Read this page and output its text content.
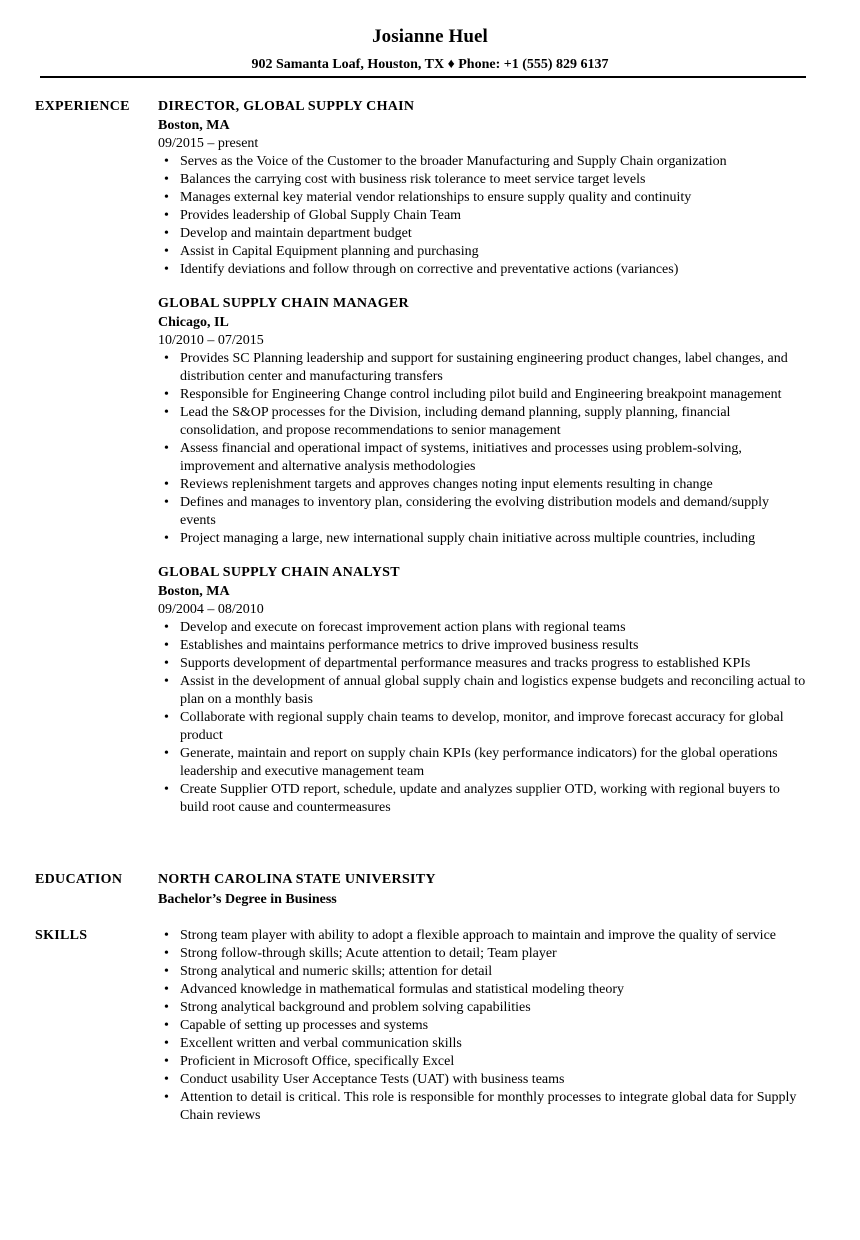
Josianne Huel
902 Samanta Loaf, Houston, TX ♦ Phone: +1 (555) 829 6137
EXPERIENCE DIRECTOR, GLOBAL SUPPLY CHAIN
Boston, MA
09/2015 – present
• Serves as the Voice of the Customer to the broader Manufacturing and Supply Chain organization
• Balances the carrying cost with business risk tolerance to meet service target levels
• Manages external key material vendor relationships to ensure supply quality and continuity
• Provides leadership of Global Supply Chain Team
• Develop and maintain department budget
• Assist in Capital Equipment planning and purchasing
• Identify deviations and follow through on corrective and preventative actions (variances)
GLOBAL SUPPLY CHAIN MANAGER
Chicago, IL
10/2010 – 07/2015
• Provides SC Planning leadership and support for sustaining engineering product changes, label changes, and distribution center and manufacturing transfers
• Responsible for Engineering Change control including pilot build and Engineering breakpoint management
• Lead the S&OP processes for the Division, including demand planning, supply planning, financial consolidation, and propose recommendations to senior management
• Assess financial and operational impact of systems, initiatives and processes using problem-solving, improvement and alternative analysis methodologies
• Reviews replenishment targets and approves changes noting input elements resulting in change
• Defines and manages to inventory plan, considering the evolving distribution models and demand/supply events
• Project managing a large, new international supply chain initiative across multiple countries, including
GLOBAL SUPPLY CHAIN ANALYST
Boston, MA
09/2004 – 08/2010
• Develop and execute on forecast improvement action plans with regional teams
• Establishes and maintains performance metrics to drive improved business results
• Supports development of departmental performance measures and tracks progress to established KPIs
• Assist in the development of annual global supply chain and logistics expense budgets and reconciling actual to plan on a monthly basis
• Collaborate with regional supply chain teams to develop, monitor, and improve forecast accuracy for global product
• Generate, maintain and report on supply chain KPIs (key performance indicators) for the global operations leadership and executive management team
• Create Supplier OTD report, schedule, update and analyzes supplier OTD, working with regional buyers to build root cause and countermeasures
EDUCATION	NORTH CAROLINA STATE UNIVERSITY
Bachelor’s Degree in Business
SKILLS	• Strong team player with ability to adopt a flexible approach to maintain and improve the quality of service
• Strong follow-through skills; Acute attention to detail; Team player
• Strong analytical and numeric skills; attention for detail
• Advanced knowledge in mathematical formulas and statistical modeling theory
• Strong analytical background and problem solving capabilities
• Capable of setting up processes and systems
• Excellent written and verbal communication skills
• Proficient in Microsoft Office, specifically Excel
• Conduct usability User Acceptance Tests (UAT) with business teams
• Attention to detail is critical. This role is responsible for monthly processes to integrate global data for Supply Chain reviews
